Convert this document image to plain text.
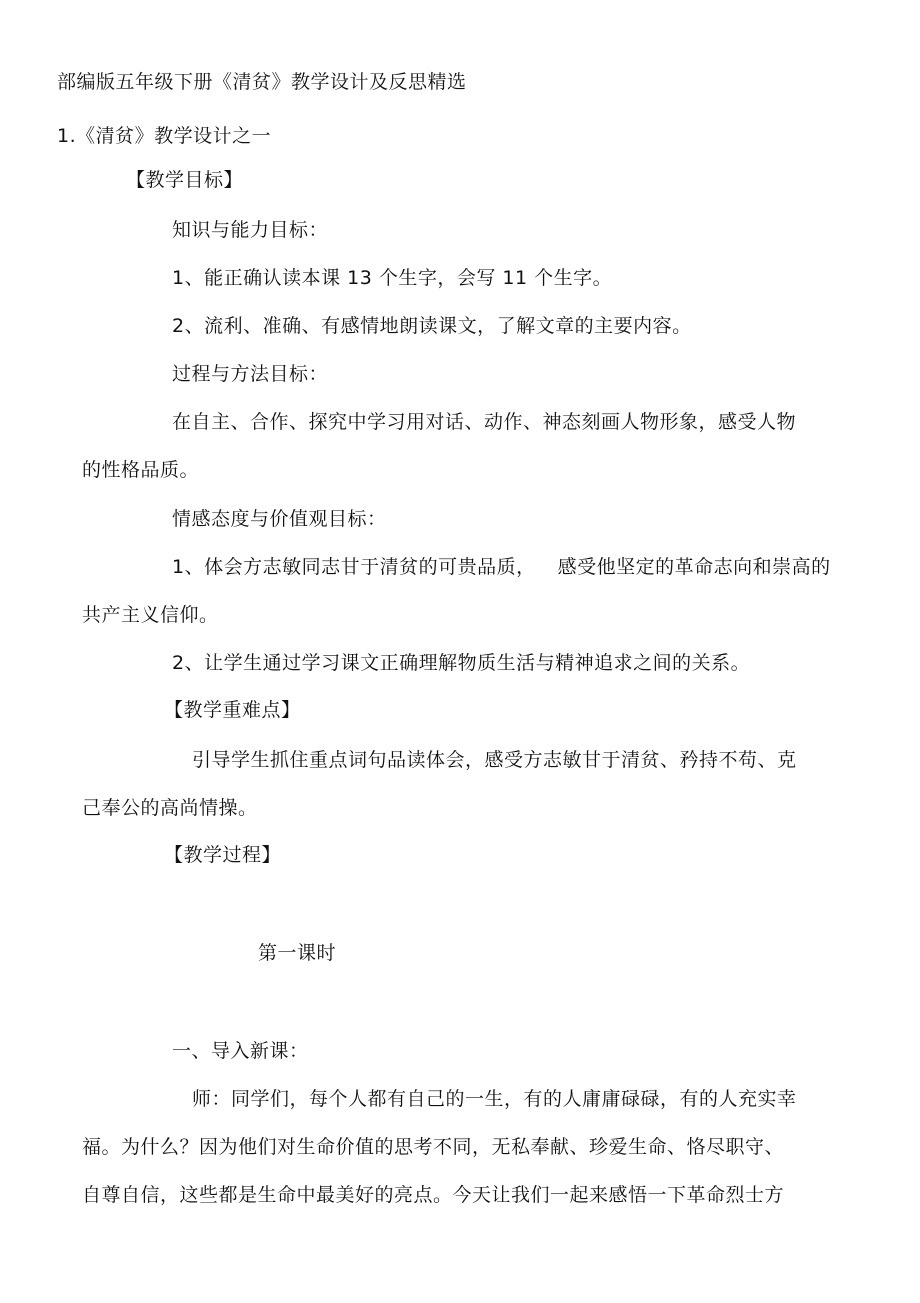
部编版五年级下册《清贫》教学设计及反思精选
1.《清贫》教学设计之一
【教学目标】
知识与能力目标：
1、能正确认读本课 13 个生字，会写 11 个生字。
2、流利、准确、有感情地朗读课文，了解文章的主要内容。
过程与方法目标：
在自主、合作、探究中学习用对话、动作、神态刻画人物形象，感受人物
的性格品质。
情感态度与价值观目标：
1、体会方志敏同志甘于清贫的可贵品质， 感受他坚定的革命志向和崇高的
共产主义信仰。
2、让学生通过学习课文正确理解物质生活与精神追求之间的关系。
【教学重难点】
引导学生抓住重点词句品读体会，感受方志敏甘于清贫、矜持不苟、克
己奉公的高尚情操。
【教学过程】
第一课时
一、导入新课：
师：同学们，每个人都有自己的一生，有的人庸庸碌碌，有的人充实幸
福。为什么？因为他们对生命价值的思考不同，无私奉献、珍爱生命、恪尽职守、
自尊自信，这些都是生命中最美好的亮点。今天让我们一起来感悟一下革命烈士方
